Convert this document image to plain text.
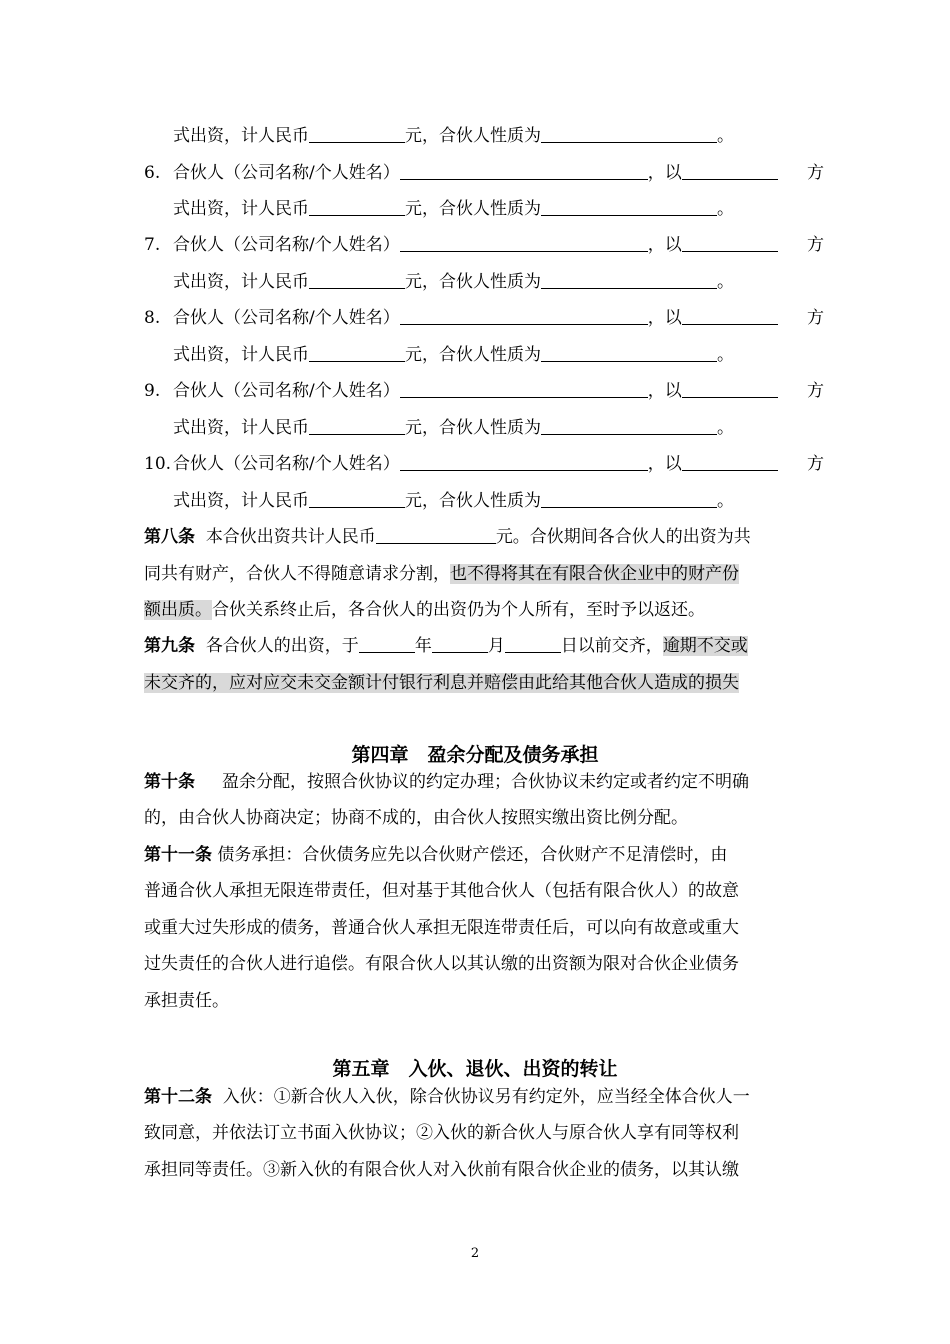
式出资，计人民币	元，合伙人性质为	。
6. 合伙人（公司名称/个人姓名）	，以	方
式出资，计人民币	元，合伙人性质为	。
7. 合伙人（公司名称/个人姓名）	，以	方
式出资，计人民币	元，合伙人性质为	。
8. 合伙人（公司名称/个人姓名）	，以	方
式出资，计人民币	元，合伙人性质为	。
9. 合伙人（公司名称/个人姓名）	，以	方
式出资，计人民币	元，合伙人性质为	。
10. 合伙人（公司名称/个人姓名）	，以	方
式出资，计人民币	元，合伙人性质为	。
第八条 本合伙出资共计人民币	元。合伙期间各合伙人的出资为共
同共有财产，合伙人不得随意请求分割，也不得将其在有限合伙企业中的财产份
额出质。合伙关系终止后，各合伙人的出资仍为个人所有，至时予以返还。
第九条 各合伙人的出资，于	年	月	日以前交齐，逾期不交或
未交齐的，应对应交未交金额计付银行利息并赔偿由此给其他合伙人造成的损失
第四章　盈余分配及债务承担
第十条 盈余分配，按照合伙协议的约定办理；合伙协议未约定或者约定不明确
的，由合伙人协商决定；协商不成的，由合伙人按照实缴出资比例分配。
第十一条 债务承担：合伙债务应先以合伙财产偿还，合伙财产不足清偿时，由
普通合伙人承担无限连带责任，但对基于其他合伙人（包括有限合伙人）的故意
或重大过失形成的债务，普通合伙人承担无限连带责任后，可以向有故意或重大
过失责任的合伙人进行追偿。有限合伙人以其认缴的出资额为限对合伙企业债务
承担责任。
第五章　入伙、退伙、出资的转让
第十二条 入伙：①新合伙人入伙，除合伙协议另有约定外，应当经全体合伙人一
致同意，并依法订立书面入伙协议；②入伙的新合伙人与原合伙人享有同等权利
承担同等责任。③新入伙的有限合伙人对入伙前有限合伙企业的债务，以其认缴
2
